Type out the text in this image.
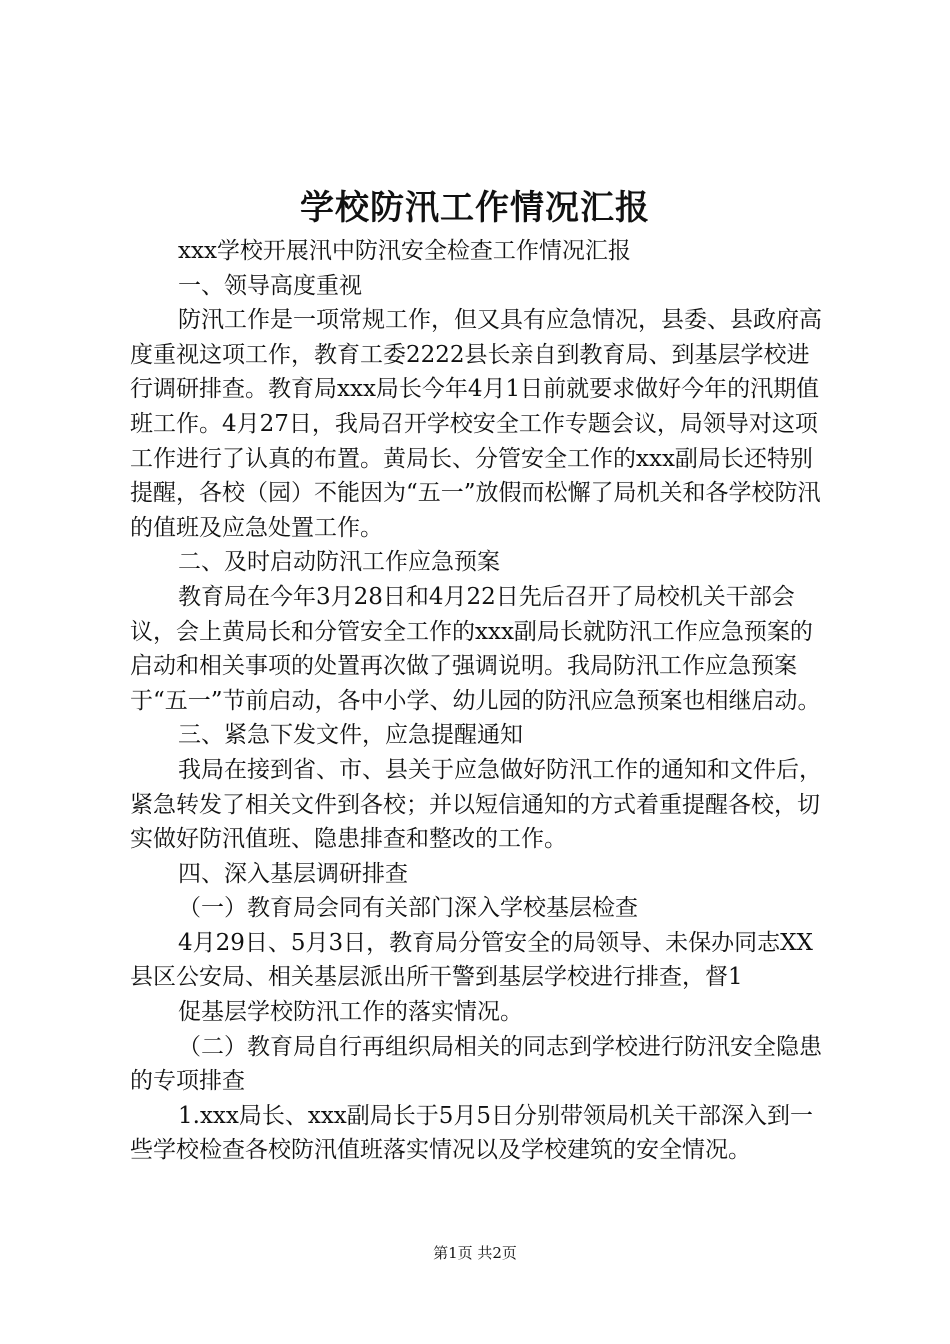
学校防汛工作情况汇报

xxx学校开展汛中防汛安全检查工作情况汇报

一、领导高度重视

防汛工作是一项常规工作，但又具有应急情况，县委、县政府高度重视这项工作，教育工委2222县长亲自到教育局、到基层学校进行调研排查。教育局xxx局长今年4月1日前就要求做好今年的汛期值班工作。4月27日，我局召开学校安全工作专题会议，局领导对这项工作进行了认真的布置。黄局长、分管安全工作的xxx副局长还特别提醒，各校（园）不能因为“五一”放假而松懈了局机关和各学校防汛的值班及应急处置工作。

二、及时启动防汛工作应急预案

教育局在今年3月28日和4月22日先后召开了局校机关干部会议，会上黄局长和分管安全工作的xxx副局长就防汛工作应急预案的启动和相关事项的处置再次做了强调说明。我局防汛工作应急预案于“五一”节前启动，各中小学、幼儿园的防汛应急预案也相继启动。

三、紧急下发文件，应急提醒通知

我局在接到省、市、县关于应急做好防汛工作的通知和文件后，紧急转发了相关文件到各校；并以短信通知的方式着重提醒各校，切实做好防汛值班、隐患排查和整改的工作。

四、深入基层调研排查

（一）教育局会同有关部门深入学校基层检查

4月29日、5月3日，教育局分管安全的局领导、未保办同志XX县区公安局、相关基层派出所干警到基层学校进行排查，督1

促基层学校防汛工作的落实情况。

（二）教育局自行再组织局相关的同志到学校进行防汛安全隐患的专项排查

1.xxx局长、xxx副局长于5月5日分别带领局机关干部深入到一些学校检查各校防汛值班落实情况以及学校建筑的安全情况。

第1页 共2页
